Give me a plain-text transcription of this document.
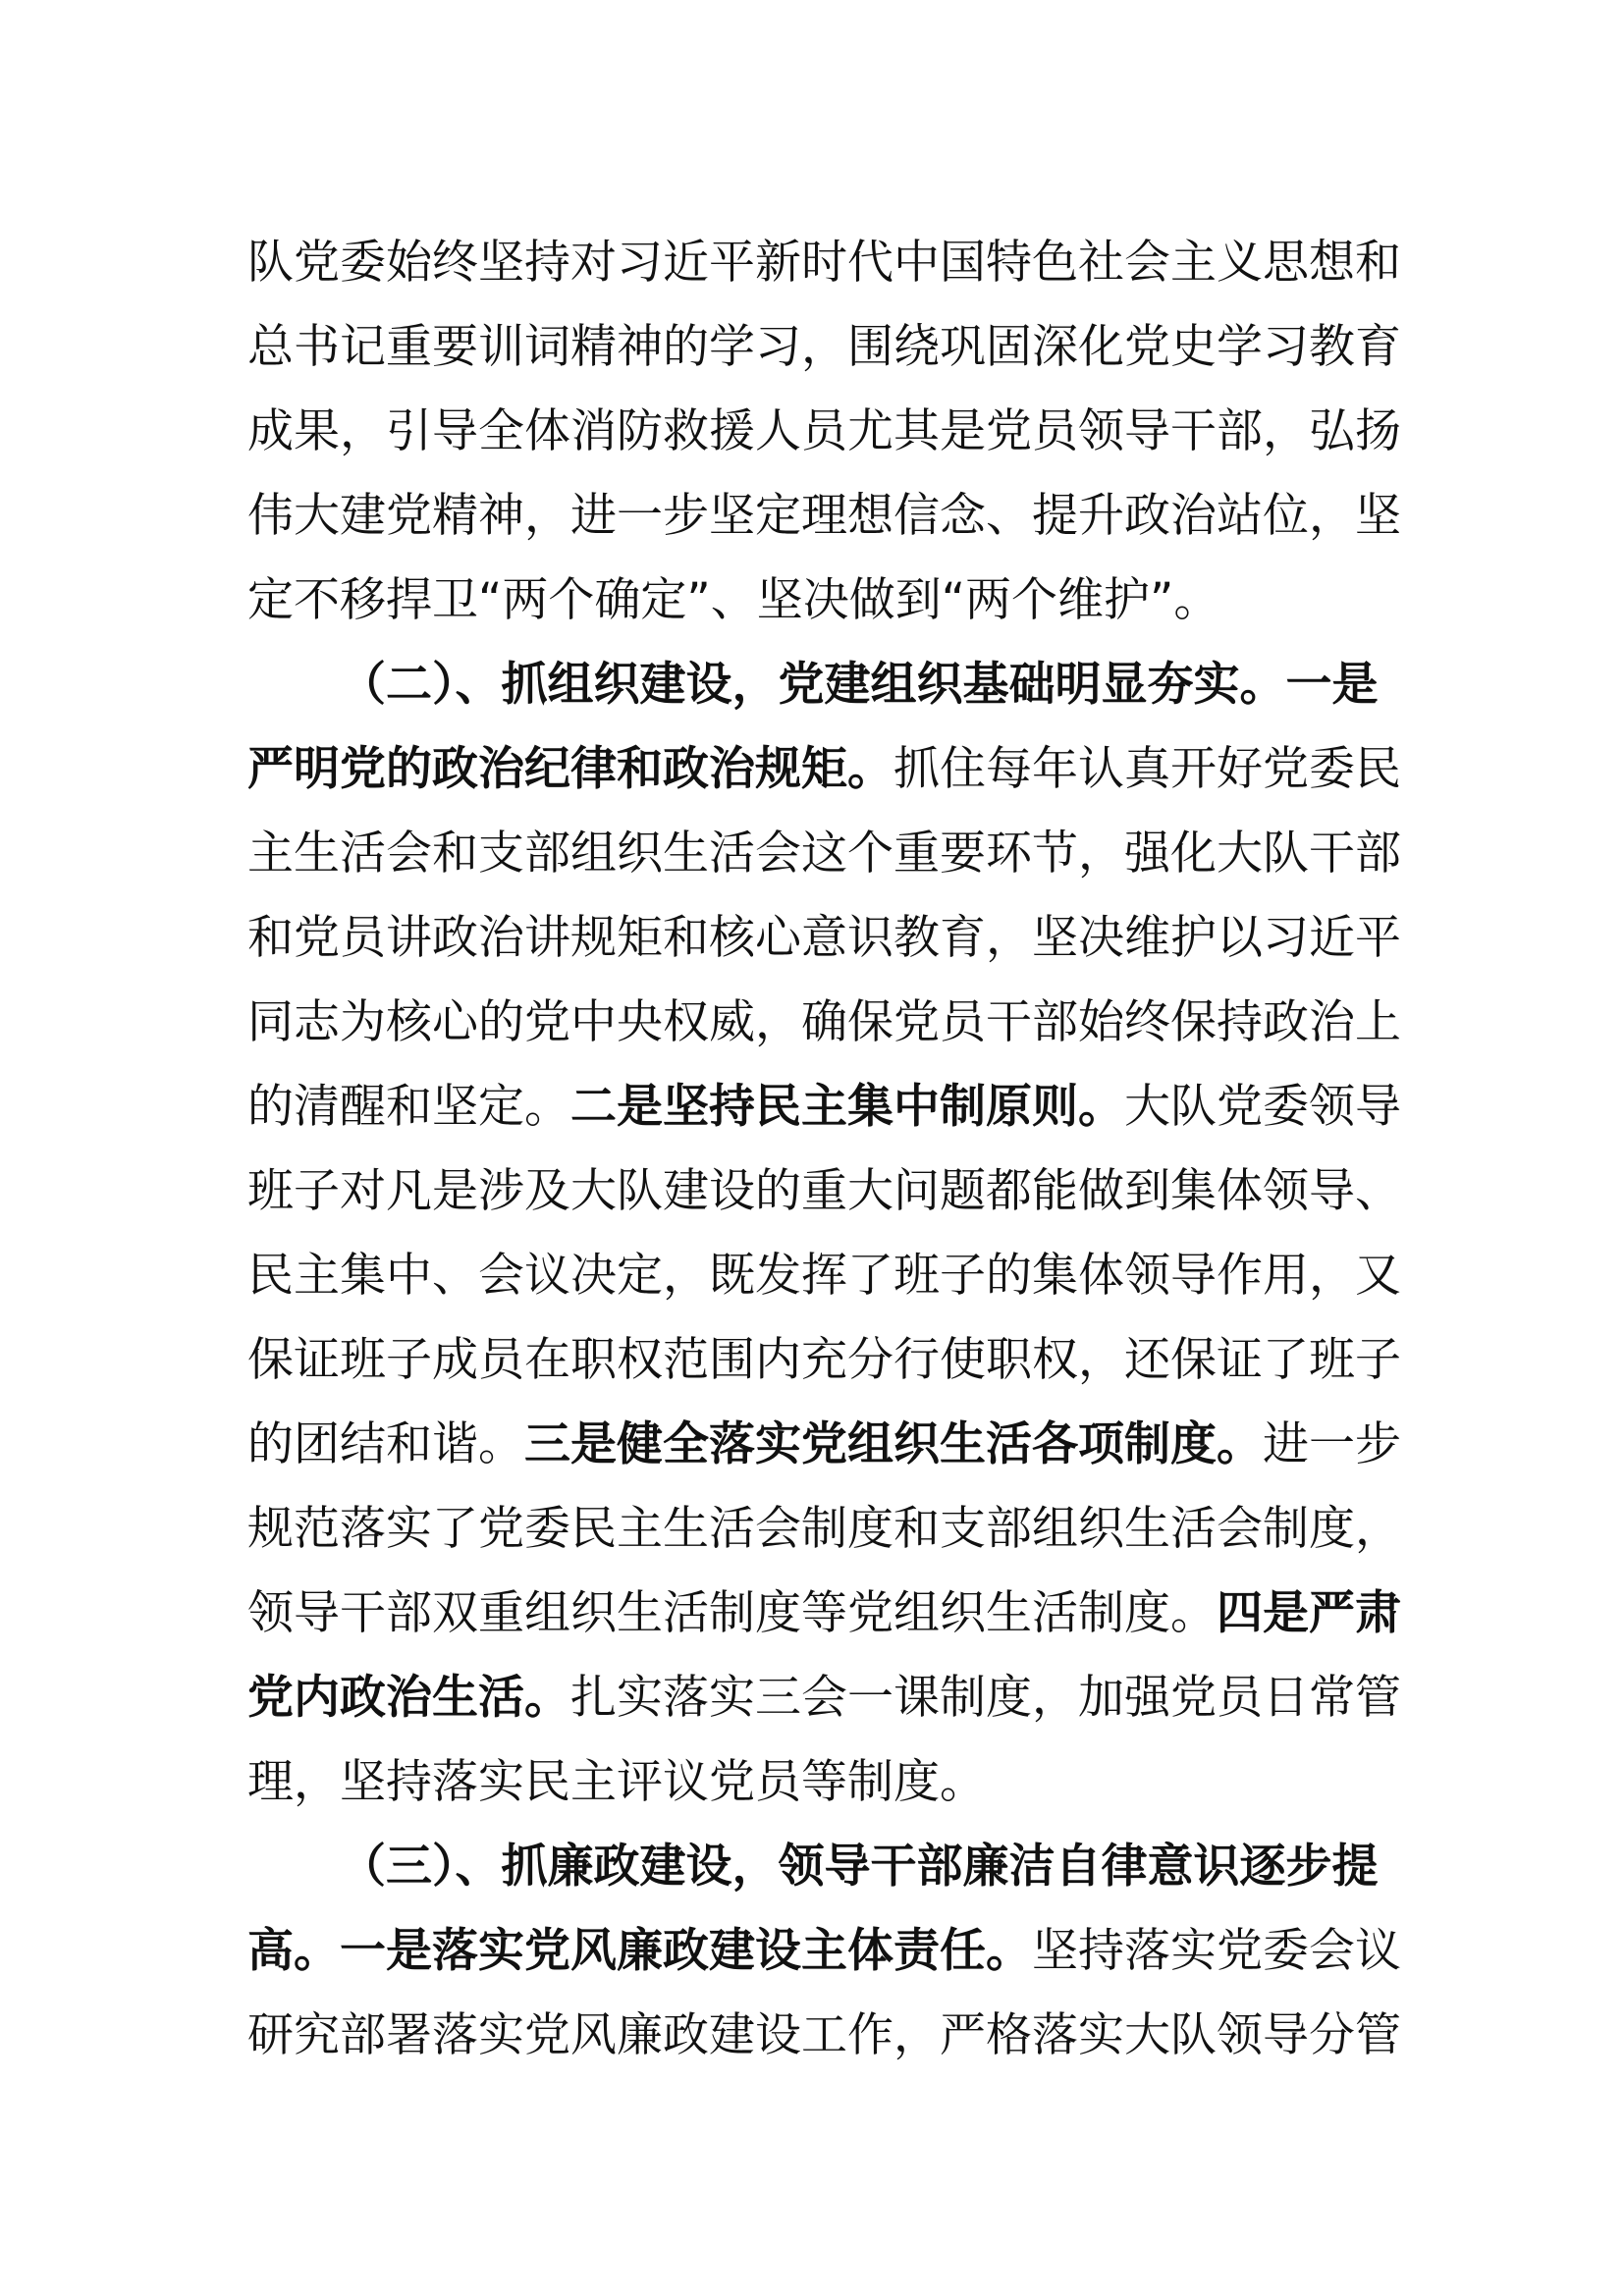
队党委始终坚持对习近平新时代中国特色社会主义思想和
总书记重要训词精神的学习，围绕巩固深化党史学习教育
成果，引导全体消防救援人员尤其是党员领导干部，弘扬
伟大建党精神，进一步坚定理想信念、提升政治站位，坚
定不移捍卫“两个确定”、坚决做到“两个维护”。
（二）、抓组织建设，党建组织基础明显夯实。一是
严明党的政治纪律和政治规矩。抓住每年认真开好党委民
主生活会和支部组织生活会这个重要环节，强化大队干部
和党员讲政治讲规矩和核心意识教育，坚决维护以习近平
同志为核心的党中央权威，确保党员干部始终保持政治上
的清醒和坚定。二是坚持民主集中制原则。大队党委领导
班子对凡是涉及大队建设的重大问题都能做到集体领导、
民主集中、会议决定，既发挥了班子的集体领导作用，又
保证班子成员在职权范围内充分行使职权，还保证了班子
的团结和谐。三是健全落实党组织生活各项制度。进一步
规范落实了党委民主生活会制度和支部组织生活会制度，
领导干部双重组织生活制度等党组织生活制度。四是严肃
党内政治生活。扎实落实三会一课制度，加强党员日常管
理，坚持落实民主评议党员等制度。
（三）、抓廉政建设，领导干部廉洁自律意识逐步提
高。一是落实党风廉政建设主体责任。坚持落实党委会议
研究部署落实党风廉政建设工作，严格落实大队领导分管
